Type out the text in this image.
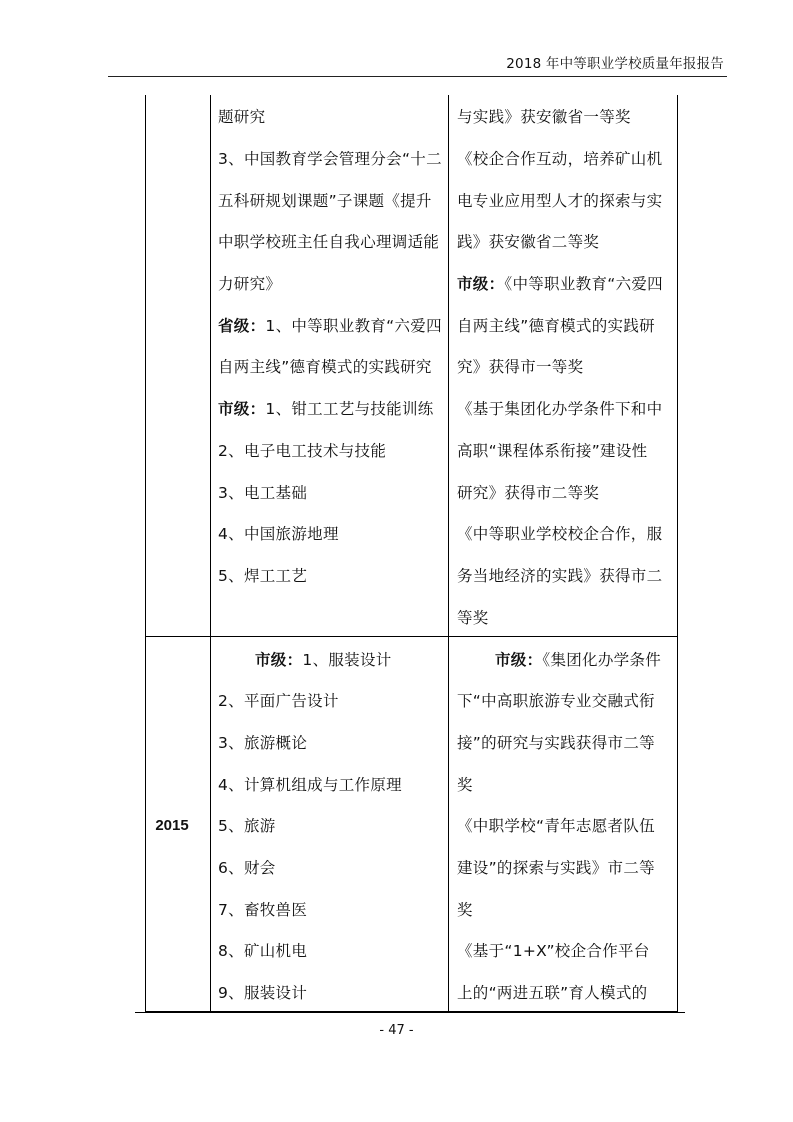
2018 年中等职业学校质量年报报告
题研究
3、中国教育学会管理分会“十二
五科研规划课题”子课题《提升
中职学校班主任自我心理调适能
力研究》
省级：1、中等职业教育“六爱四
自两主线”德育模式的实践研究
市级：1、钳工工艺与技能训练
2、电子电工技术与技能
3、电工基础
4、中国旅游地理
5、焊工工艺
与实践》获安徽省一等奖
《校企合作互动，培养矿山机
电专业应用型人才的探索与实
践》获安徽省二等奖
市级：《中等职业教育“六爱四
自两主线”德育模式的实践研
究》获得市一等奖
《基于集团化办学条件下和中
高职“课程体系衔接”建设性
研究》获得市二等奖
《中等职业学校校企合作，服
务当地经济的实践》获得市二
等奖
2015
市级：1、服装设计
2、平面广告设计
3、旅游概论
4、计算机组成与工作原理
5、旅游
6、财会
7、畜牧兽医
8、矿山机电
9、服装设计
市级：《集团化办学条件
下“中高职旅游专业交融式衔
接”的研究与实践获得市二等
奖
《中职学校“青年志愿者队伍
建设”的探索与实践》市二等
奖
《基于“1+X”校企合作平台
上的“两进五联”育人模式的
- 47 -
